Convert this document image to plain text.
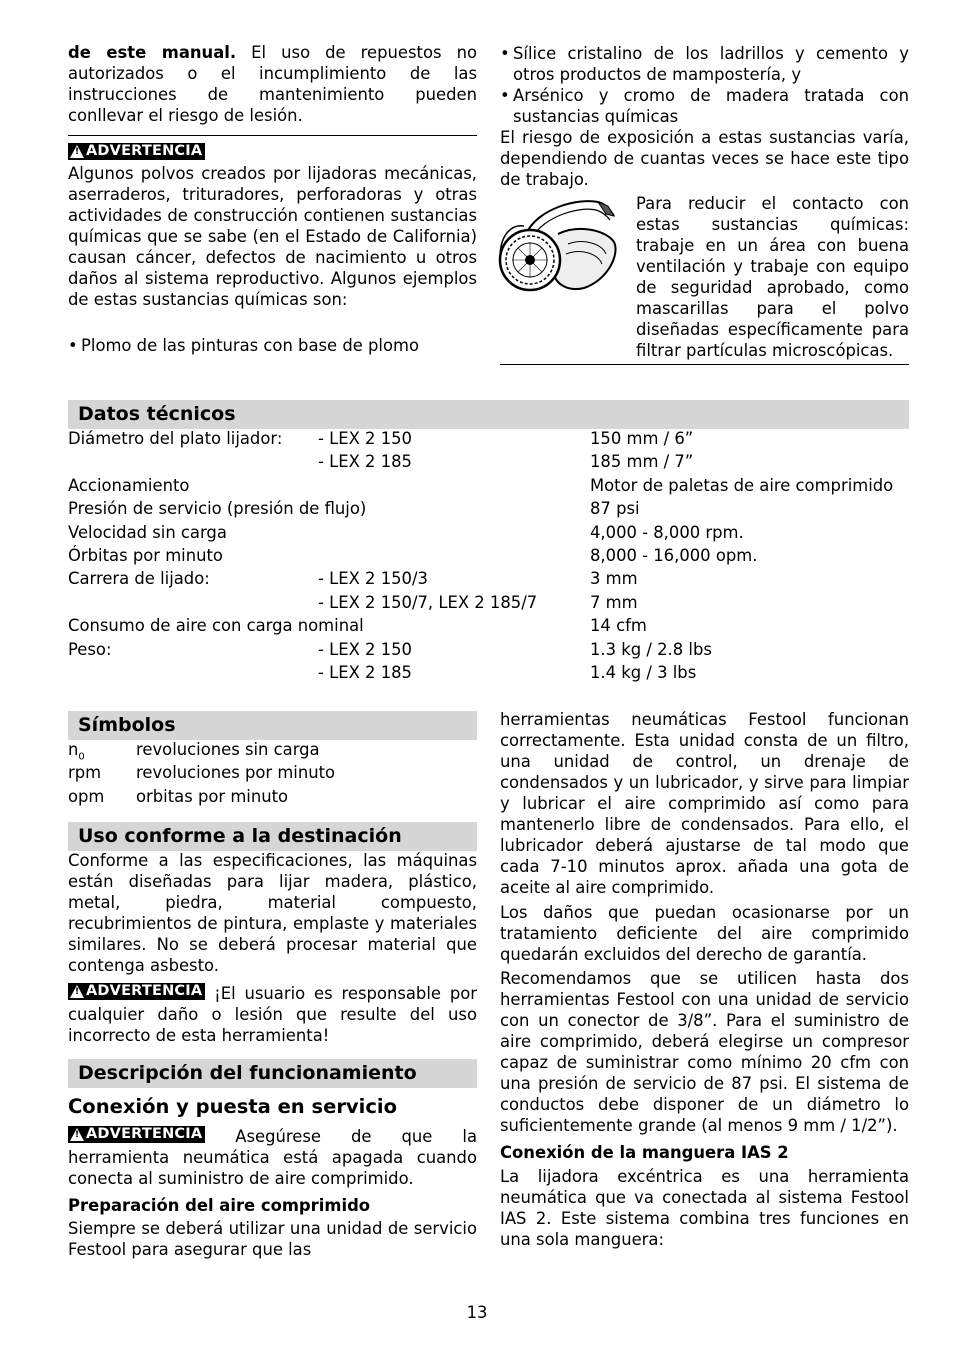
de este manual. El uso de repuestos no autorizados o el incumplimiento de las instrucciones de mantenimiento pueden conllevar el riesgo de lesión.

! ADVERTENCIA

Algunos polvos creados por lijadoras mecánicas, aserraderos, trituradores, perforadoras y otras actividades de construcción contienen sustancias químicas que se sabe (en el Estado de California) causan cáncer, defectos de nacimiento u otros daños al sistema reproductivo. Algunos ejemplos de estas sustancias químicas son:

• Plomo de las pinturas con base de plomo
• Sílice cristalino de los ladrillos y cemento y otros productos de mampostería, y
• Arsénico y cromo de madera tratada con sustancias químicas

El riesgo de exposición a estas sustancias varía, dependiendo de cuantas veces se hace este tipo de trabajo.

Para reducir el contacto con estas sustancias químicas: trabaje en un área con buena ventilación y trabaje con equipo de seguridad aprobado, como mascarillas para el polvo diseñadas específicamente para filtrar partículas microscópicas.

Datos técnicos
Diámetro del plato lijador: - LEX 2 150	150 mm / 6”
- LEX 2 185	185 mm / 7”
Accionamiento	Motor de paletas de aire comprimido
Presión de servicio (presión de flujo)	87 psi
Velocidad sin carga	4,000 - 8,000 rpm.
Órbitas por minuto	8,000 - 16,000 opm.
Carrera de lijado:	- LEX 2 150/3	3 mm
- LEX 2 150/7, LEX 2 185/7	7 mm
Consumo de aire con carga nominal	14 cfm
Peso:	- LEX 2 150	1.3 kg / 2.8 lbs
- LEX 2 185	1.4 kg / 3 lbs
Símbolos
$n_0$	revoluciones sin carga
rpm revoluciones por minuto
opm orbitas por minuto
Uso conforme a la destinación

Conforme a las especificaciones, las máquinas están diseñadas para lijar madera, plástico, metal, piedra, material compuesto, recubrimientos de pintura, emplaste y materiales similares. No se deberá procesar material que contenga asbesto.

! ADVERTENCIA ¡El usuario es responsable por cualquier daño o lesión que resulte del uso incorrecto de esta herramienta!

Descripción del funcionamiento
Conexión y puesta en servicio

! ADVERTENCIA Asegúrese de que la herramienta neumática está apagada cuando conecta al suministro de aire comprimido.

Preparación del aire comprimido

Siempre se deberá utilizar una unidad de servicio Festool para asegurar que las

herramientas neumáticas Festool funcionan correctamente. Esta unidad consta de un filtro, una unidad de control, un drenaje de condensados y un lubricador, y sirve para limpiar y lubricar el aire comprimido así como para mantenerlo libre de condensados. Para ello, el lubricador deberá ajustarse de tal modo que cada 7-10 minutos aprox. añada una gota de aceite al aire comprimido.

Los daños que puedan ocasionarse por un tratamiento deficiente del aire comprimido quedarán excluidos del derecho de garantía.

Recomendamos que se utilicen hasta dos herramientas Festool con una unidad de servicio con un conector de 3/8”. Para el suministro de aire comprimido, deberá elegirse un compresor capaz de suministrar como mínimo 20 cfm con una presión de servicio de 87 psi. El sistema de conductos debe disponer de un diámetro lo suficientemente grande (al menos 9 mm / 1/2”).

Conexión de la manguera IAS 2

La lijadora excéntrica es una herramienta neumática que va conectada al sistema Festool IAS 2. Este sistema combina tres funciones en una sola manguera:

13
